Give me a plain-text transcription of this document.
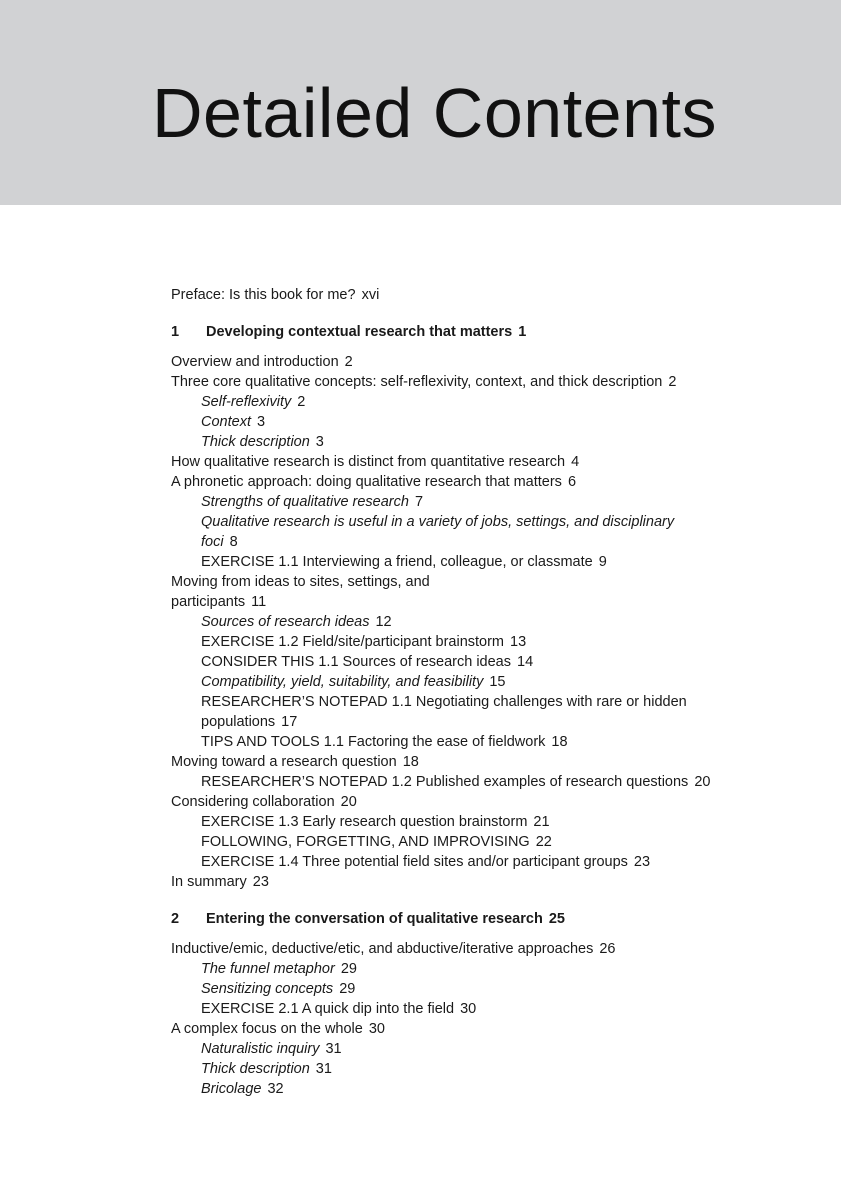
Detailed Contents
Preface: Is this book for me? xvi
1 Developing contextual research that matters 1
Overview and introduction 2
Three core qualitative concepts: self-reflexivity, context, and thick description 2
Self-reflexivity 2
Context 3
Thick description 3
How qualitative research is distinct from quantitative research 4
A phronetic approach: doing qualitative research that matters 6
Strengths of qualitative research 7
Qualitative research is useful in a variety of jobs, settings, and disciplinary foci 8
EXERCISE 1.1 Interviewing a friend, colleague, or classmate 9
Moving from ideas to sites, settings, and participants 11
Sources of research ideas 12
EXERCISE 1.2 Field/site/participant brainstorm 13
CONSIDER THIS 1.1 Sources of research ideas 14
Compatibility, yield, suitability, and feasibility 15
RESEARCHER’S NOTEPAD 1.1 Negotiating challenges with rare or hidden populations 17
TIPS AND TOOLS 1.1 Factoring the ease of fieldwork 18
Moving toward a research question 18
RESEARCHER’S NOTEPAD 1.2 Published examples of research questions 20
Considering collaboration 20
EXERCISE 1.3 Early research question brainstorm 21
FOLLOWING, FORGETTING, AND IMPROVISING 22
EXERCISE 1.4 Three potential field sites and/or participant groups 23
In summary 23
2 Entering the conversation of qualitative research 25
Inductive/emic, deductive/etic, and abductive/iterative approaches 26
The funnel metaphor 29
Sensitizing concepts 29
EXERCISE 2.1 A quick dip into the field 30
A complex focus on the whole 30
Naturalistic inquiry 31
Thick description 31
Bricolage 32
